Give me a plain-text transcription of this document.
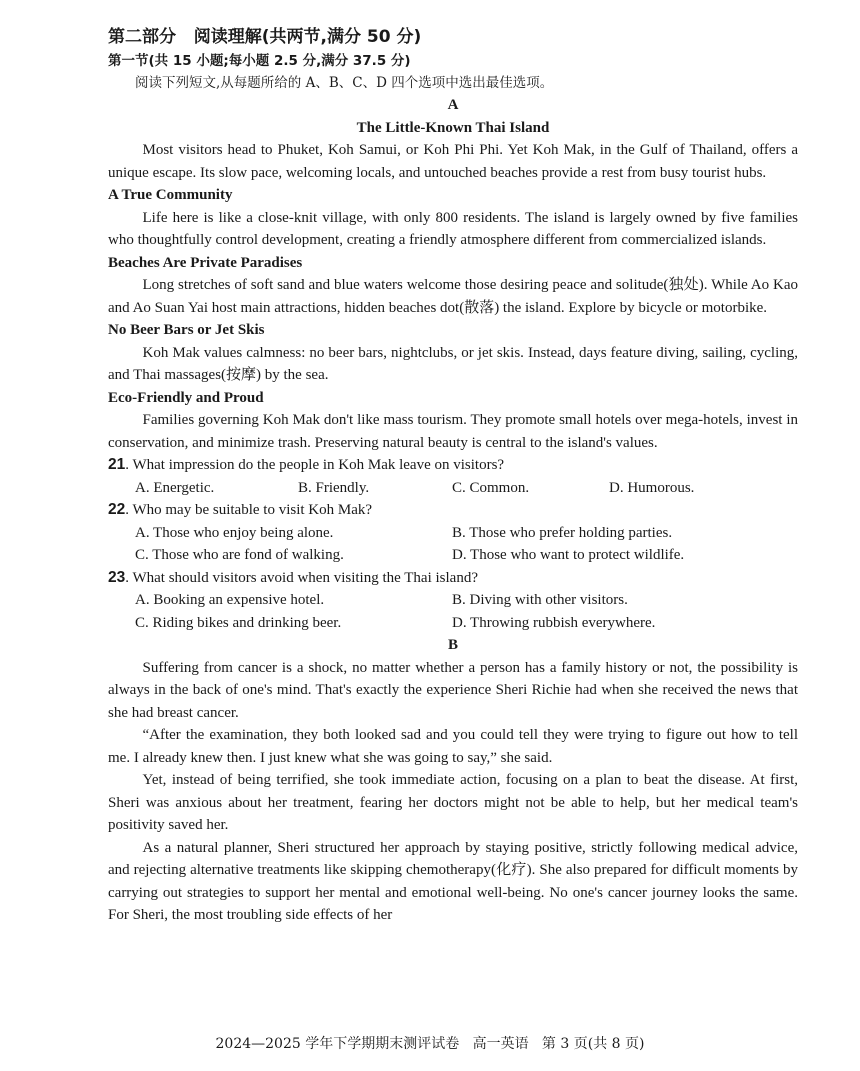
第二部分   阅读理解(共两节,满分 50 分)
第一节(共 15 小题;每小题 2.5 分,满分 37.5 分)
阅读下列短文,从每题所给的 A、B、C、D 四个选项中选出最佳选项。
A
The Little-Known Thai Island

Most visitors head to Phuket, Koh Samui, or Koh Phi Phi. Yet Koh Mak, in the Gulf of Thailand, offers a unique escape. Its slow pace, welcoming locals, and untouched beaches provide a rest from busy tourist hubs.

A True Community

Life here is like a close-knit village, with only 800 residents. The island is largely owned by five families who thoughtfully control development, creating a friendly atmosphere different from commercialized islands.

Beaches Are Private Paradises

Long stretches of soft sand and blue waters welcome those desiring peace and solitude(独处). While Ao Kao and Ao Suan Yai host main attractions, hidden beaches dot(散落) the island. Explore by bicycle or motorbike.

No Beer Bars or Jet Skis

Koh Mak values calmness: no beer bars, nightclubs, or jet skis. Instead, days feature diving, sailing, cycling, and Thai massages(按摩) by the sea.

Eco-Friendly and Proud

Families governing Koh Mak don't like mass tourism. They promote small hotels over mega-hotels, invest in conservation, and minimize trash. Preserving natural beauty is central to the island's values.

21. What impression do the people in Koh Mak leave on visitors?
A. Energetic.	B. Friendly.	C. Common.	D. Humorous.
22. Who may be suitable to visit Koh Mak?
A. Those who enjoy being alone.	B. Those who prefer holding parties.
C. Those who are fond of walking.	D. Those who want to protect wildlife.
23. What should visitors avoid when visiting the Thai island?
A. Booking an expensive hotel.	B. Diving with other visitors.
C. Riding bikes and drinking beer.	D. Throwing rubbish everywhere.
B

Suffering from cancer is a shock, no matter whether a person has a family history or not, the possibility is always in the back of one's mind. That's exactly the experience Sheri Richie had when she received the news that she had breast cancer.

“After the examination, they both looked sad and you could tell they were trying to figure out how to tell me. I already knew then. I just knew what she was going to say,” she said.

Yet, instead of being terrified, she took immediate action, focusing on a plan to beat the disease. At first, Sheri was anxious about her treatment, fearing her doctors might not be able to help, but her medical team's positivity saved her.

As a natural planner, Sheri structured her approach by staying positive, strictly following medical advice, and rejecting alternative treatments like skipping chemotherapy(化疗). She also prepared for difficult moments by carrying out strategies to support her mental and emotional well-being. No one's cancer journey looks the same. For Sheri, the most troubling side effects of her

2024—2025 学年下学期期末测评试卷   高一英语   第 3 页(共 8 页)
